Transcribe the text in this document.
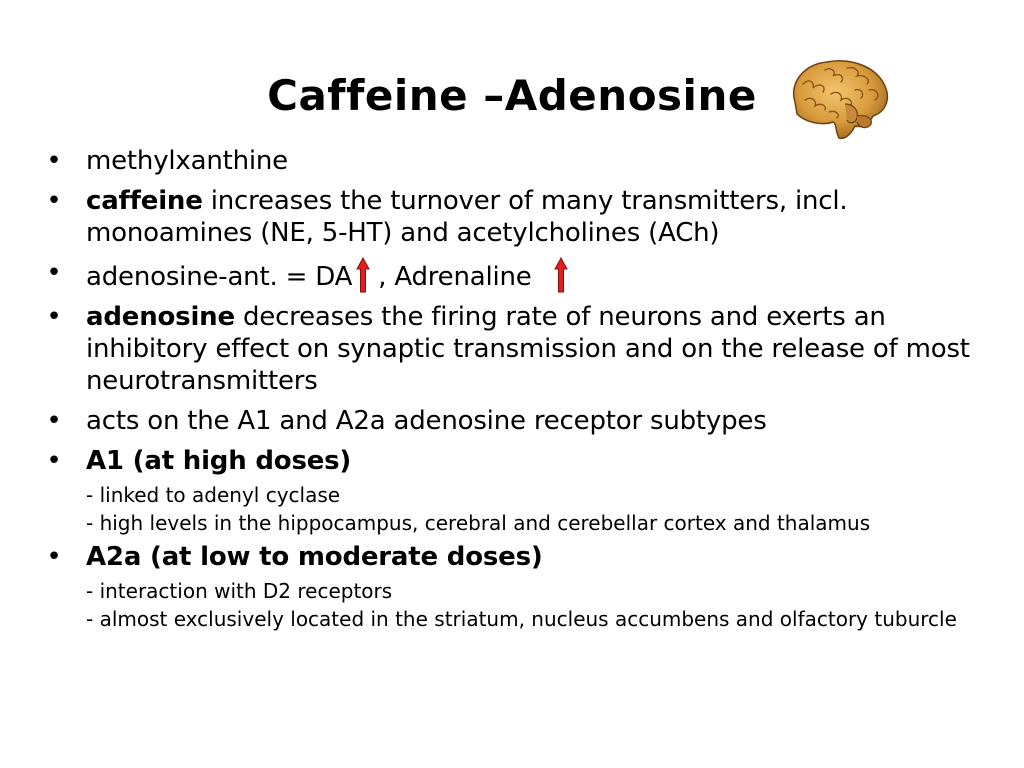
Caffeine –Adenosine
• methylxanthine
• caffeine increases the turnover of many transmitters, incl. monoamines (NE, 5-HT) and acetylcholines (ACh)
• adenosine-ant. = DA , Adrenaline
• adenosine decreases the firing rate of neurons and exerts an inhibitory effect on synaptic transmission and on the release of most neurotransmitters
• acts on the A1 and A2a adenosine receptor subtypes
• A1 (at high doses)
- linked to adenyl cyclase
- high levels in the hippocampus, cerebral and cerebellar cortex and thalamus
• A2a (at low to moderate doses)
- interaction with D2 receptors
- almost exclusively located in the striatum, nucleus accumbens and olfactory tuburcle
